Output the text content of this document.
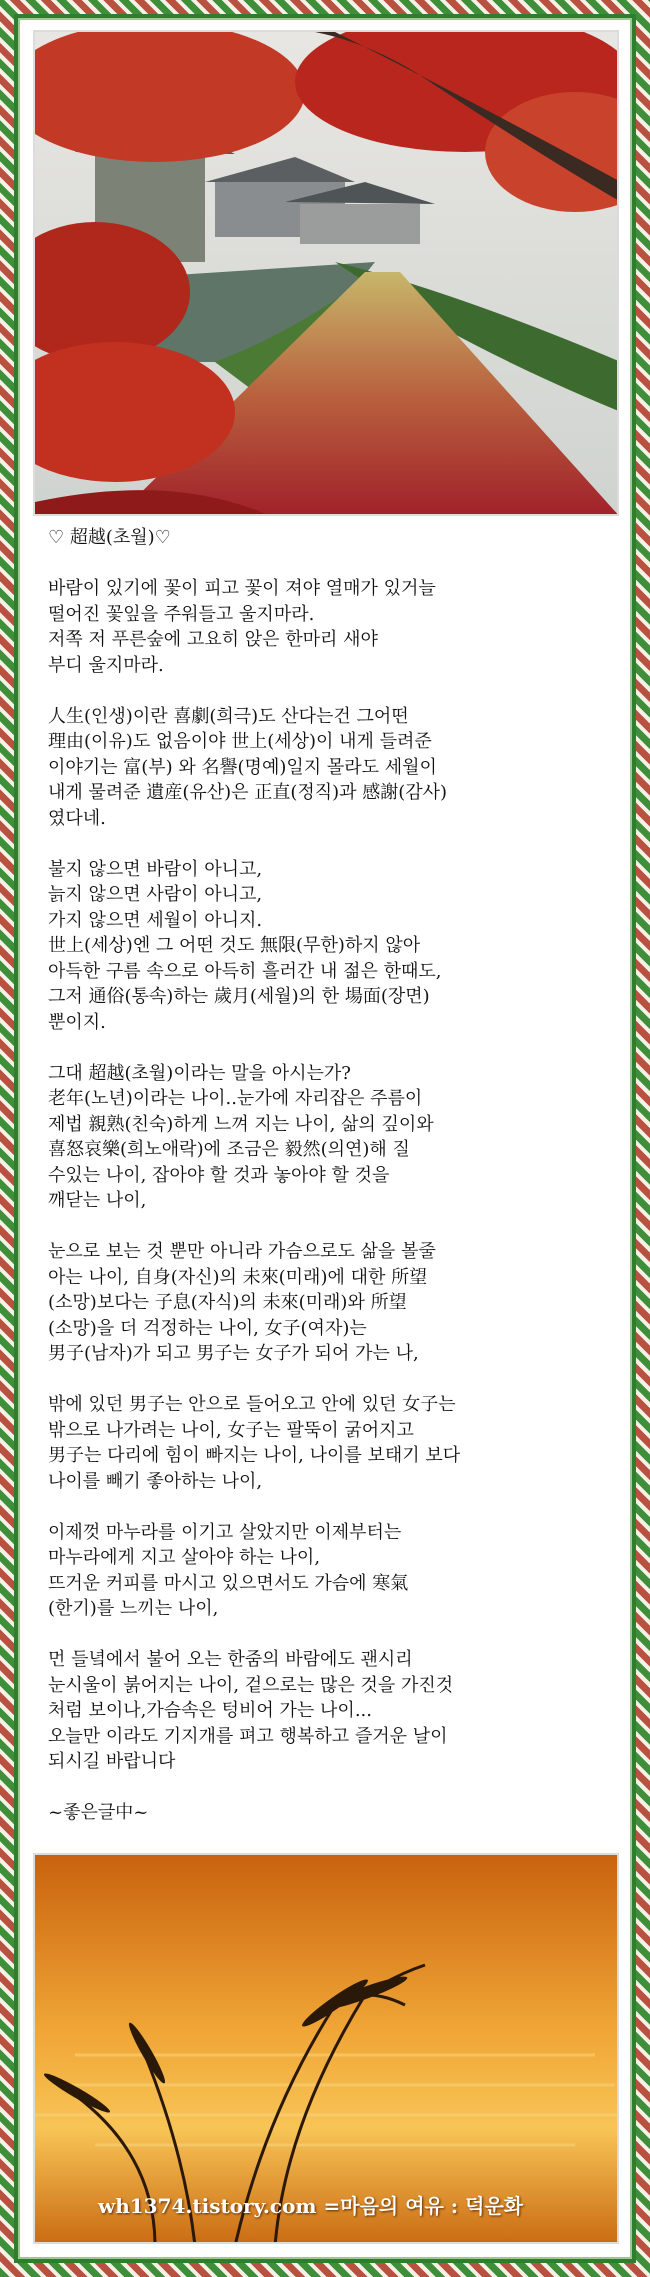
♡ 超越(초월)♡
바람이 있기에 꽃이 피고 꽃이 져야 열매가 있거늘
떨어진 꽃잎을 주워들고 울지마라.
저쪽 저 푸른숲에 고요히 앉은 한마리 새야
부디 울지마라.
人生(인생)이란 喜劇(희극)도 산다는건 그어떤
理由(이유)도 없음이야 世上(세상)이 내게 들려준
이야기는 富(부) 와 名譽(명예)일지 몰라도 세월이
내게 물려준 遺産(유산)은 正直(정직)과 感謝(감사)
였다네.
불지 않으면 바람이 아니고,
늙지 않으면 사람이 아니고,
가지 않으면 세월이 아니지.
世上(세상)엔 그 어떤 것도 無限(무한)하지 않아
아득한 구름 속으로 아득히 흘러간 내 젊은 한때도,
그저 通俗(통속)하는 歲月(세월)의 한 場面(장면)
뿐이지.
그대 超越(초월)이라는 말을 아시는가?
老年(노년)이라는 나이..눈가에 자리잡은 주름이
제법 親熟(친숙)하게 느껴 지는 나이, 삶의 깊이와
喜怒哀樂(희노애락)에 조금은 毅然(의연)해 질
수있는 나이, 잡아야 할 것과 놓아야 할 것을
깨닫는 나이,
눈으로 보는 것 뿐만 아니라 가슴으로도 삶을 볼줄
아는 나이, 自身(자신)의 未來(미래)에 대한 所望
(소망)보다는 子息(자식)의 未來(미래)와 所望
(소망)을 더 걱정하는 나이, 女子(여자)는
男子(남자)가 되고 男子는 女子가 되어 가는 나,
밖에 있던 男子는 안으로 들어오고 안에 있던 女子는
밖으로 나가려는 나이, 女子는 팔뚝이 굵어지고
男子는 다리에 힘이 빠지는 나이, 나이를 보태기 보다
나이를 빼기 좋아하는 나이,
이제껏 마누라를 이기고 살았지만 이제부터는
마누라에게 지고 살아야 하는 나이,
뜨거운 커피를 마시고 있으면서도 가슴에 寒氣
(한기)를 느끼는 나이,
먼 들녘에서 불어 오는 한줌의 바람에도 괜시리
눈시울이 붉어지는 나이, 겉으로는 많은 것을 가진것
처럼 보이나,가슴속은 텅비어 가는 나이...
오늘만 이라도 기지개를 펴고 행복하고 즐거운 날이
되시길 바랍니다
~좋은글中~
wh1374.tistory.com =마음의 여유 : 덕운화
